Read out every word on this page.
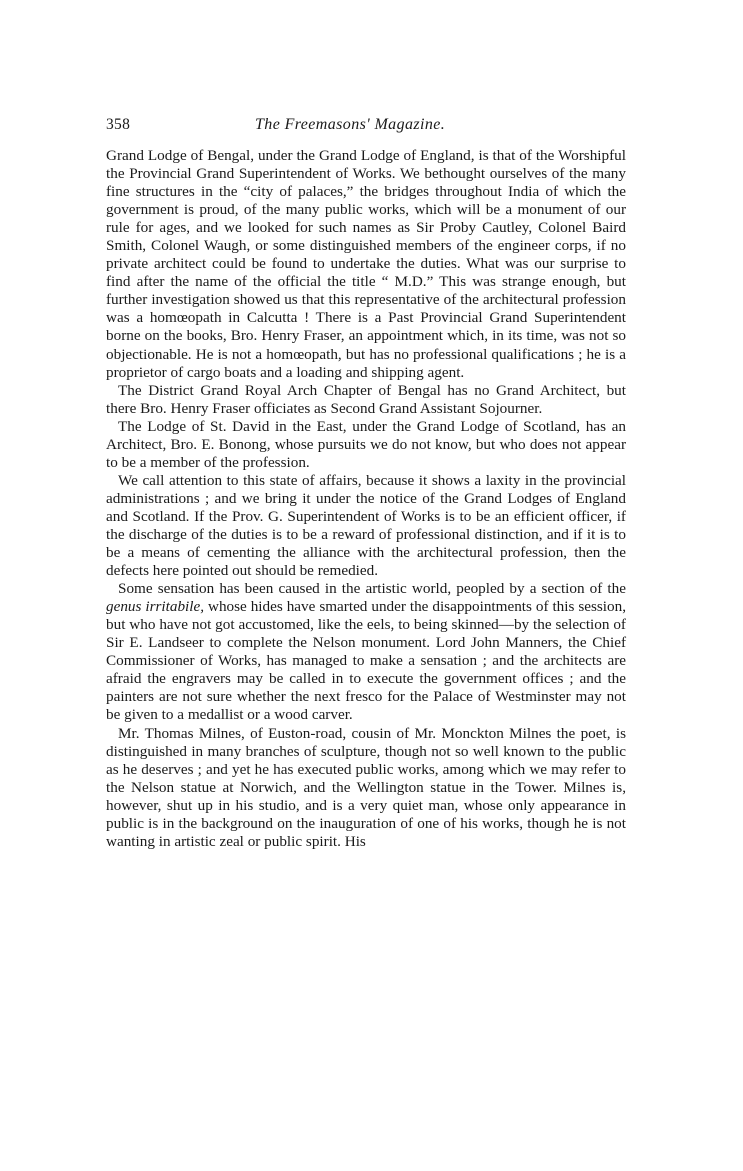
358	The Freemasons' Magazine.

Grand Lodge of Bengal, under the Grand Lodge of England, is that of the Worshipful the Provincial Grand Superintendent of Works. We bethought ourselves of the many fine structures in the “city of palaces,” the bridges throughout India of which the government is proud, of the many public works, which will be a monument of our rule for ages, and we looked for such names as Sir Proby Cautley, Colonel Baird Smith, Colonel Waugh, or some distinguished members of the engineer corps, if no private architect could be found to undertake the duties. What was our surprise to find after the name of the official the title “ M.D.” This was strange enough, but further investigation showed us that this representative of the architectural profession was a homœopath in Calcutta ! There is a Past Provincial Grand Superintendent borne on the books, Bro. Henry Fraser, an appointment which, in its time, was not so objectionable. He is not a homœopath, but has no professional qualifications ; he is a proprietor of cargo boats and a loading and shipping agent.

The District Grand Royal Arch Chapter of Bengal has no Grand Architect, but there Bro. Henry Fraser officiates as Second Grand Assistant Sojourner.

The Lodge of St. David in the East, under the Grand Lodge of Scotland, has an Architect, Bro. E. Bonong, whose pursuits we do not know, but who does not appear to be a member of the profession.

We call attention to this state of affairs, because it shows a laxity in the provincial administrations ; and we bring it under the notice of the Grand Lodges of England and Scotland. If the Prov. G. Superintendent of Works is to be an efficient officer, if the discharge of the duties is to be a reward of professional distinction, and if it is to be a means of cementing the alliance with the architectural profession, then the defects here pointed out should be remedied.

Some sensation has been caused in the artistic world, peopled by a section of the genus irritabile, whose hides have smarted under the disappointments of this session, but who have not got accustomed, like the eels, to being skinned—by the selection of Sir E. Landseer to complete the Nelson monument. Lord John Manners, the Chief Commissioner of Works, has managed to make a sensation ; and the architects are afraid the engravers may be called in to execute the government offices ; and the painters are not sure whether the next fresco for the Palace of Westminster may not be given to a medallist or a wood carver.

Mr. Thomas Milnes, of Euston-road, cousin of Mr. Monckton Milnes the poet, is distinguished in many branches of sculpture, though not so well known to the public as he deserves ; and yet he has executed public works, among which we may refer to the Nelson statue at Norwich, and the Wellington statue in the Tower. Milnes is, however, shut up in his studio, and is a very quiet man, whose only appearance in public is in the background on the inauguration of one of his works, though he is not wanting in artistic zeal or public spirit. His
